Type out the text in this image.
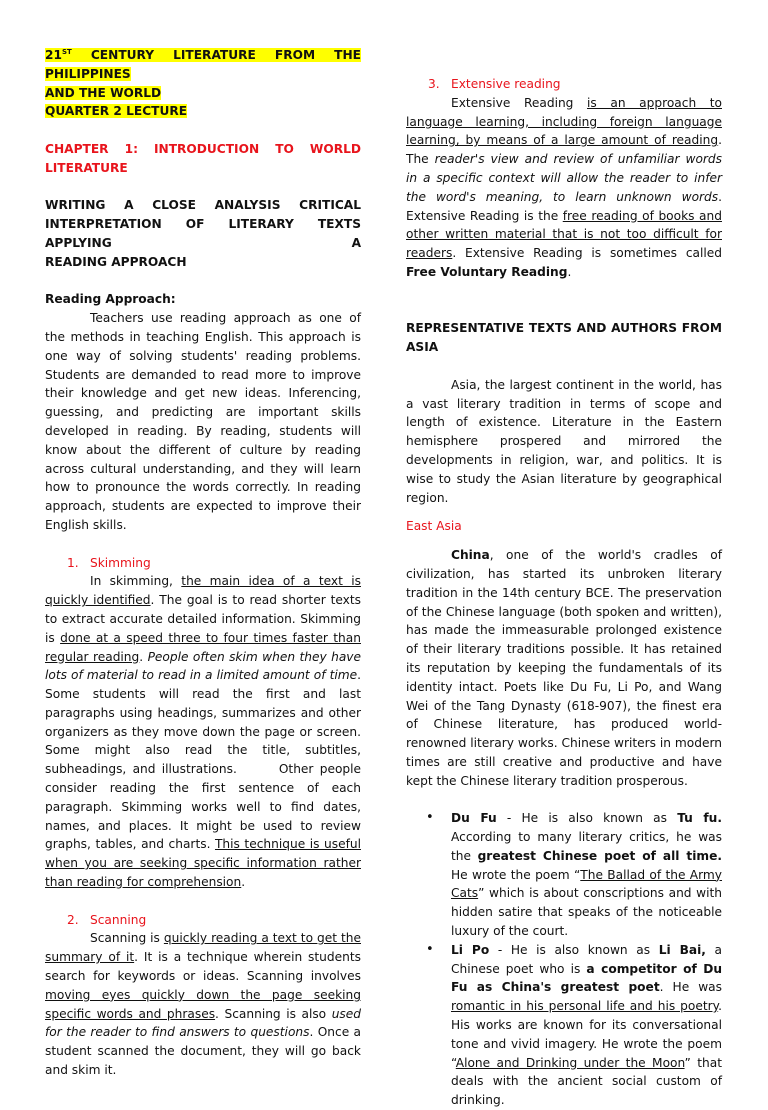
21ST CENTURY LITERATURE FROM THE PHILIPPINES

AND THE WORLD

QUARTER 2 LECTURE

CHAPTER 1: INTRODUCTION TO WORLD LITERATURE

WRITING A CLOSE ANALYSIS CRITICAL

INTERPRETATION OF LITERARY TEXTS APPLYING A

READING APPROACH

Reading Approach:

Teachers use reading approach as one of the methods in teaching English. This approach is one way of solving students' reading problems. Students are demanded to read more to improve their knowledge and get new ideas. Inferencing, guessing, and predicting are important skills developed in reading. By reading, students will know about the different of culture by reading across cultural understanding, and they will learn how to pronounce the words correctly. In reading approach, students are expected to improve their English skills.

1. Skimming

In skimming, the main idea of a text is quickly identified. The goal is to read shorter texts to extract accurate detailed information. Skimming is done at a speed three to four times faster than regular reading. People often skim when they have lots of material to read in a limited amount of time. Some students will read the first and last paragraphs using headings, summarizes and other organizers as they move down the page or screen. Some might also read the title, subtitles, subheadings, and illustrations.	Other people consider reading the first sentence of each paragraph. Skimming works well to find dates, names, and places. It might be used to review graphs, tables, and charts. This technique is useful when you are seeking specific information rather than reading for comprehension.

2. Scanning

Scanning is quickly reading a text to get the summary of it. It is a technique wherein students search for keywords or ideas. Scanning involves moving eyes quickly down the page seeking specific words and phrases. Scanning is also used for the reader to find answers to questions. Once a student scanned the document, they will go back and skim it.

3. Extensive reading

Extensive Reading is an approach to language learning, including foreign language learning, by means of a large amount of reading. The reader's view and review of unfamiliar words in a specific context will allow the reader to infer the word's meaning, to learn unknown words. Extensive Reading is the free reading of books and other written material that is not too difficult for readers. Extensive Reading is sometimes called Free Voluntary Reading.

REPRESENTATIVE TEXTS AND AUTHORS FROM ASIA

Asia, the largest continent in the world, has a vast literary tradition in terms of scope and length of existence. Literature in the Eastern hemisphere prospered and mirrored the developments in religion, war, and politics. It is wise to study the Asian literature by geographical region.

East Asia

China, one of the world's cradles of civilization, has started its unbroken literary tradition in the 14th century BCE. The preservation of the Chinese language (both spoken and written), has made the immeasurable prolonged existence of their literary traditions possible. It has retained its reputation by keeping the fundamentals of its identity intact. Poets like Du Fu, Li Po, and Wang Wei of the Tang Dynasty (618-907), the finest era of Chinese literature, has produced world-renowned literary works. Chinese writers in modern times are still creative and productive and have kept the Chinese literary tradition prosperous.

• Du Fu - He is also known as Tu fu. According to many literary critics, he was the greatest Chinese poet of all time. He wrote the poem “The Ballad of the Army Cats” which is about conscriptions and with hidden satire that speaks of the noticeable luxury of the court.

• Li Po - He is also known as Li Bai, a Chinese poet who is a competitor of Du Fu as China's greatest poet. He was romantic in his personal life and his poetry. His works are known for its conversational tone and vivid imagery. He wrote the poem “Alone and Drinking under the Moon” that deals with the ancient social custom of drinking.
